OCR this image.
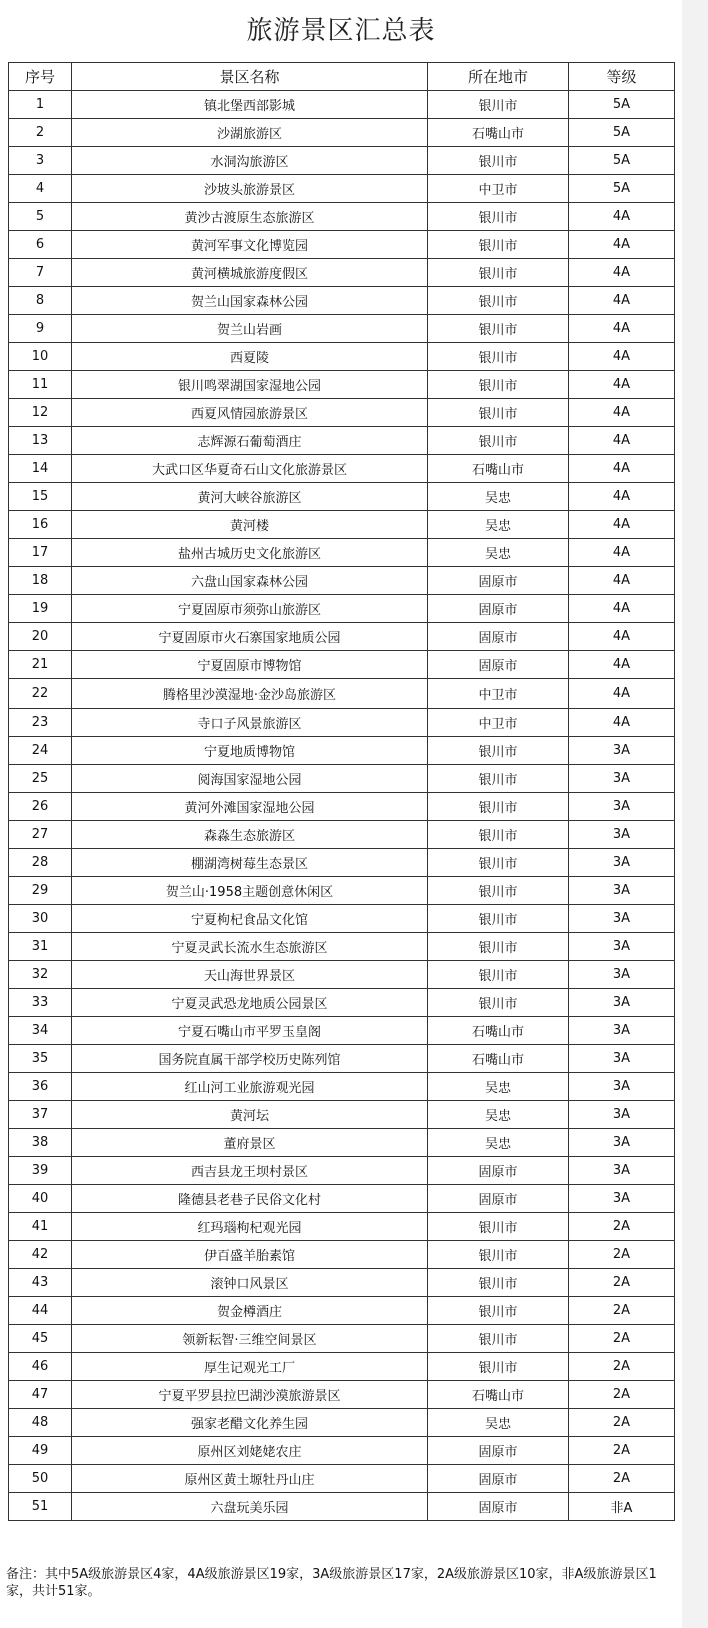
旅游景区汇总表
序号	景区名称	所在地市	等级
1	镇北堡西部影城	银川市	5A
2	沙湖旅游区	石嘴山市	5A
3	水洞沟旅游区	银川市	5A
4	沙坡头旅游景区	中卫市	5A
5	黄沙古渡原生态旅游区	银川市	4A
6	黄河军事文化博览园	银川市	4A
7	黄河横城旅游度假区	银川市	4A
8	贺兰山国家森林公园	银川市	4A
9	贺兰山岩画	银川市	4A
10	西夏陵	银川市	4A
11	银川鸣翠湖国家湿地公园	银川市	4A
12	西夏风情园旅游景区	银川市	4A
13	志辉源石葡萄酒庄	银川市	4A
14	大武口区华夏奇石山文化旅游景区	石嘴山市	4A
15	黄河大峡谷旅游区	吴忠	4A
16	黄河楼	吴忠	4A
17	盐州古城历史文化旅游区	吴忠	4A
18	六盘山国家森林公园	固原市	4A
19	宁夏固原市须弥山旅游区	固原市	4A
20	宁夏固原市火石寨国家地质公园	固原市	4A
21	宁夏固原市博物馆	固原市	4A
22	腾格里沙漠湿地·金沙岛旅游区	中卫市	4A
23	寺口子风景旅游区	中卫市	4A
24	宁夏地质博物馆	银川市	3A
25	阅海国家湿地公园	银川市	3A
26	黄河外滩国家湿地公园	银川市	3A
27	森淼生态旅游区	银川市	3A
28	棚湖湾树莓生态景区	银川市	3A
29	贺兰山·1958主题创意休闲区	银川市	3A
30	宁夏枸杞食品文化馆	银川市	3A
31	宁夏灵武长流水生态旅游区	银川市	3A
32	天山海世界景区	银川市	3A
33	宁夏灵武恐龙地质公园景区	银川市	3A
34	宁夏石嘴山市平罗玉皇阁	石嘴山市	3A
35	国务院直属干部学校历史陈列馆	石嘴山市	3A
36	红山河工业旅游观光园	吴忠	3A
37	黄河坛	吴忠	3A
38	董府景区	吴忠	3A
39	西吉县龙王坝村景区	固原市	3A
40	隆德县老巷子民俗文化村	固原市	3A
41	红玛瑙枸杞观光园	银川市	2A
42	伊百盛羊胎素馆	银川市	2A
43	滚钟口风景区	银川市	2A
44	贺金樽酒庄	银川市	2A
45	领新耘智·三维空间景区	银川市	2A
46	厚生记观光工厂	银川市	2A
47	宁夏平罗县拉巴湖沙漠旅游景区	石嘴山市	2A
48	强家老醋文化养生园	吴忠	2A
49	原州区刘姥姥农庄	固原市	2A
50	原州区黄土塬牡丹山庄	固原市	2A
51	六盘玩美乐园	固原市	非A
备注：其中5A级旅游景区4家，4A级旅游景区19家，3A级旅游景区17家，2A级旅游景区10家，非A级旅游景区1家，共计51家。
